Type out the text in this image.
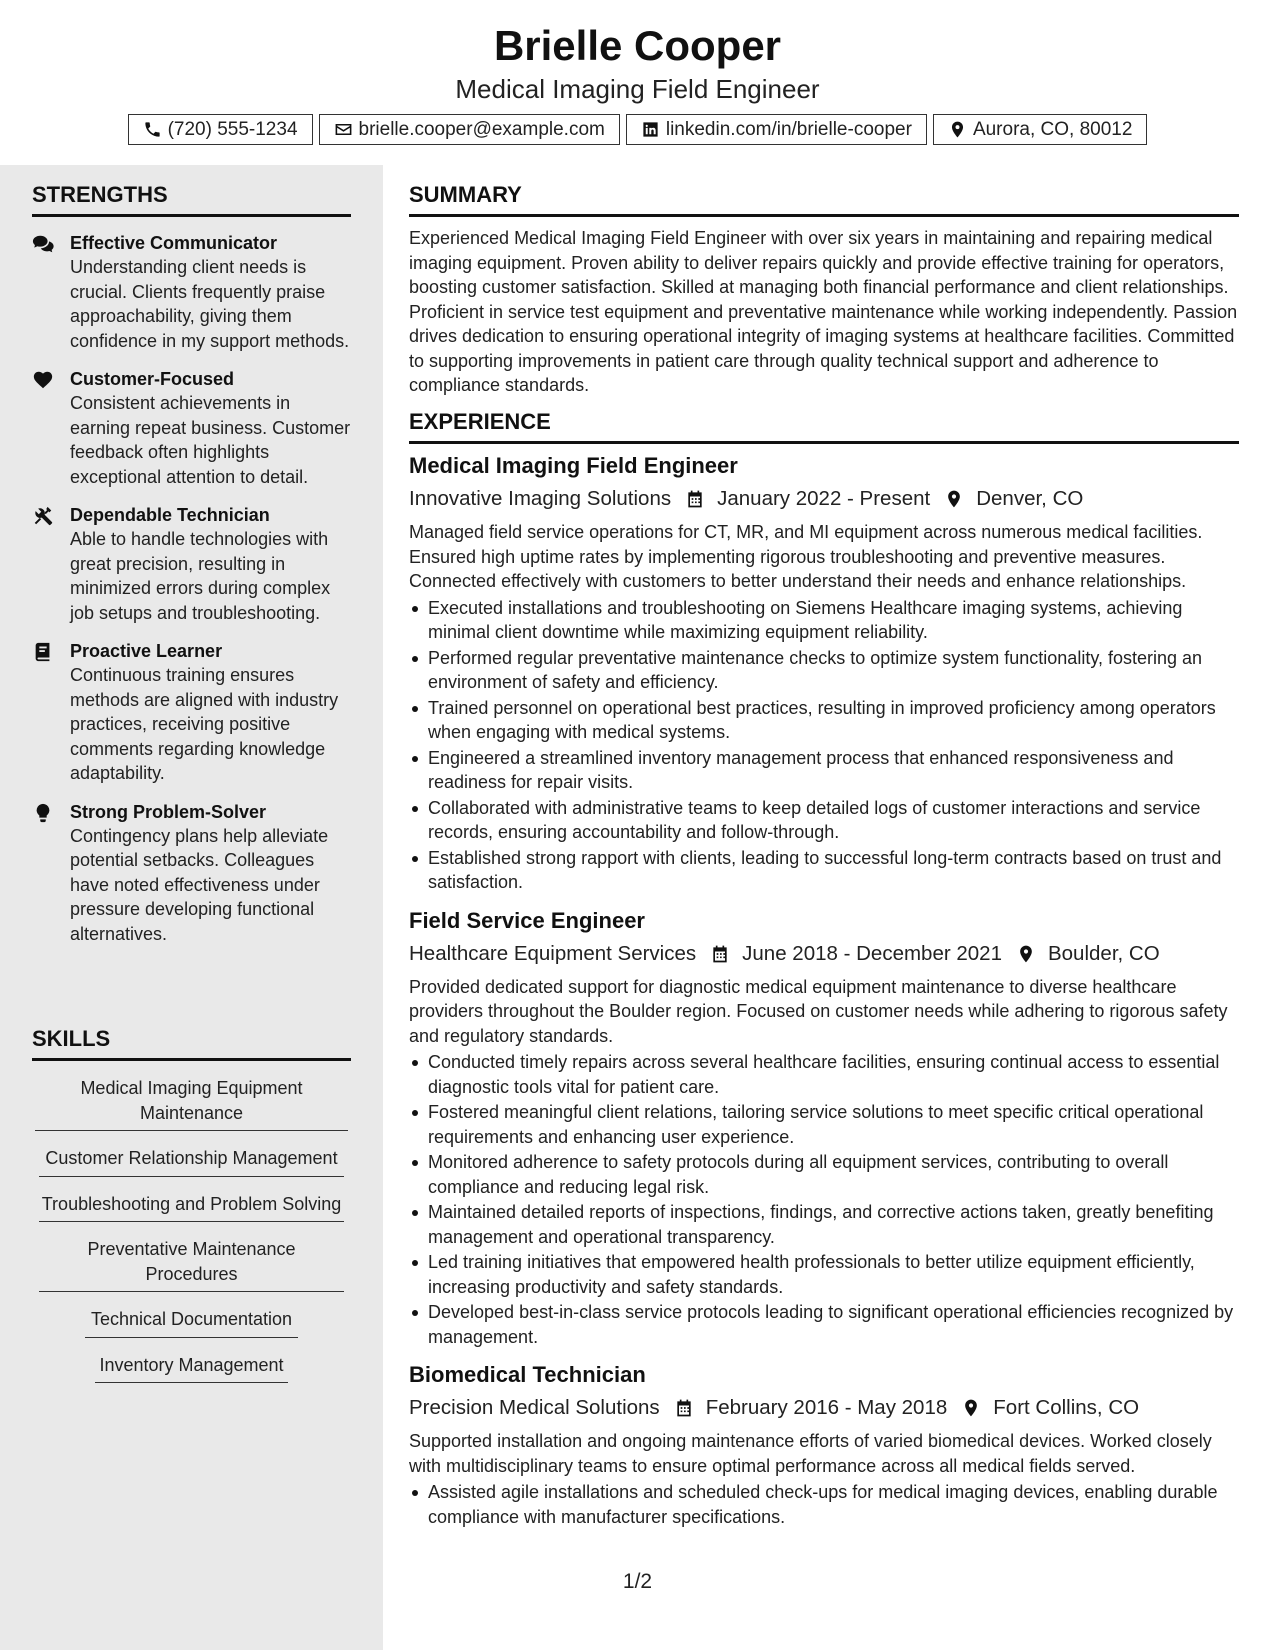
Brielle Cooper
Medical Imaging Field Engineer
(720) 555-1234	brielle.cooper@example.com	linkedin.com/in/brielle-cooper	Aurora, CO, 80012
STRENGTHS
Effective Communicator
Understanding client needs is crucial. Clients frequently praise approachability, giving them confidence in my support methods.
Customer-Focused
Consistent achievements in earning repeat business. Customer feedback often highlights exceptional attention to detail.
Dependable Technician
Able to handle technologies with great precision, resulting in minimized errors during complex job setups and troubleshooting.
Proactive Learner
Continuous training ensures methods are aligned with industry practices, receiving positive comments regarding knowledge adaptability.
Strong Problem-Solver
Contingency plans help alleviate potential setbacks. Colleagues have noted effectiveness under pressure developing functional alternatives.
SKILLS
Medical Imaging Equipment Maintenance
Customer Relationship Management
Troubleshooting and Problem Solving
Preventative Maintenance Procedures
Technical Documentation
Inventory Management
SUMMARY
Experienced Medical Imaging Field Engineer with over six years in maintaining and repairing medical imaging equipment. Proven ability to deliver repairs quickly and provide effective training for operators, boosting customer satisfaction. Skilled at managing both financial performance and client relationships. Proficient in service test equipment and preventative maintenance while working independently. Passion drives dedication to ensuring operational integrity of imaging systems at healthcare facilities. Committed to supporting improvements in patient care through quality technical support and adherence to compliance standards.
EXPERIENCE
Medical Imaging Field Engineer
Innovative Imaging Solutions January 2022 - Present Denver, CO
Managed field service operations for CT, MR, and MI equipment across numerous medical facilities. Ensured high uptime rates by implementing rigorous troubleshooting and preventive measures. Connected effectively with customers to better understand their needs and enhance relationships.
Executed installations and troubleshooting on Siemens Healthcare imaging systems, achieving minimal client downtime while maximizing equipment reliability.
Performed regular preventative maintenance checks to optimize system functionality, fostering an environment of safety and efficiency.
Trained personnel on operational best practices, resulting in improved proficiency among operators when engaging with medical systems.
Engineered a streamlined inventory management process that enhanced responsiveness and readiness for repair visits.
Collaborated with administrative teams to keep detailed logs of customer interactions and service records, ensuring accountability and follow-through.
Established strong rapport with clients, leading to successful long-term contracts based on trust and satisfaction.
Field Service Engineer
Healthcare Equipment Services June 2018 - December 2021 Boulder, CO
Provided dedicated support for diagnostic medical equipment maintenance to diverse healthcare providers throughout the Boulder region. Focused on customer needs while adhering to rigorous safety and regulatory standards.
Conducted timely repairs across several healthcare facilities, ensuring continual access to essential diagnostic tools vital for patient care.
Fostered meaningful client relations, tailoring service solutions to meet specific critical operational requirements and enhancing user experience.
Monitored adherence to safety protocols during all equipment services, contributing to overall compliance and reducing legal risk.
Maintained detailed reports of inspections, findings, and corrective actions taken, greatly benefiting management and operational transparency.
Led training initiatives that empowered health professionals to better utilize equipment efficiently, increasing productivity and safety standards.
Developed best-in-class service protocols leading to significant operational efficiencies recognized by management.
Biomedical Technician
Precision Medical Solutions February 2016 - May 2018 Fort Collins, CO
Supported installation and ongoing maintenance efforts of varied biomedical devices. Worked closely with multidisciplinary teams to ensure optimal performance across all medical fields served.
Assisted agile installations and scheduled check-ups for medical imaging devices, enabling durable compliance with manufacturer specifications.
1/2
